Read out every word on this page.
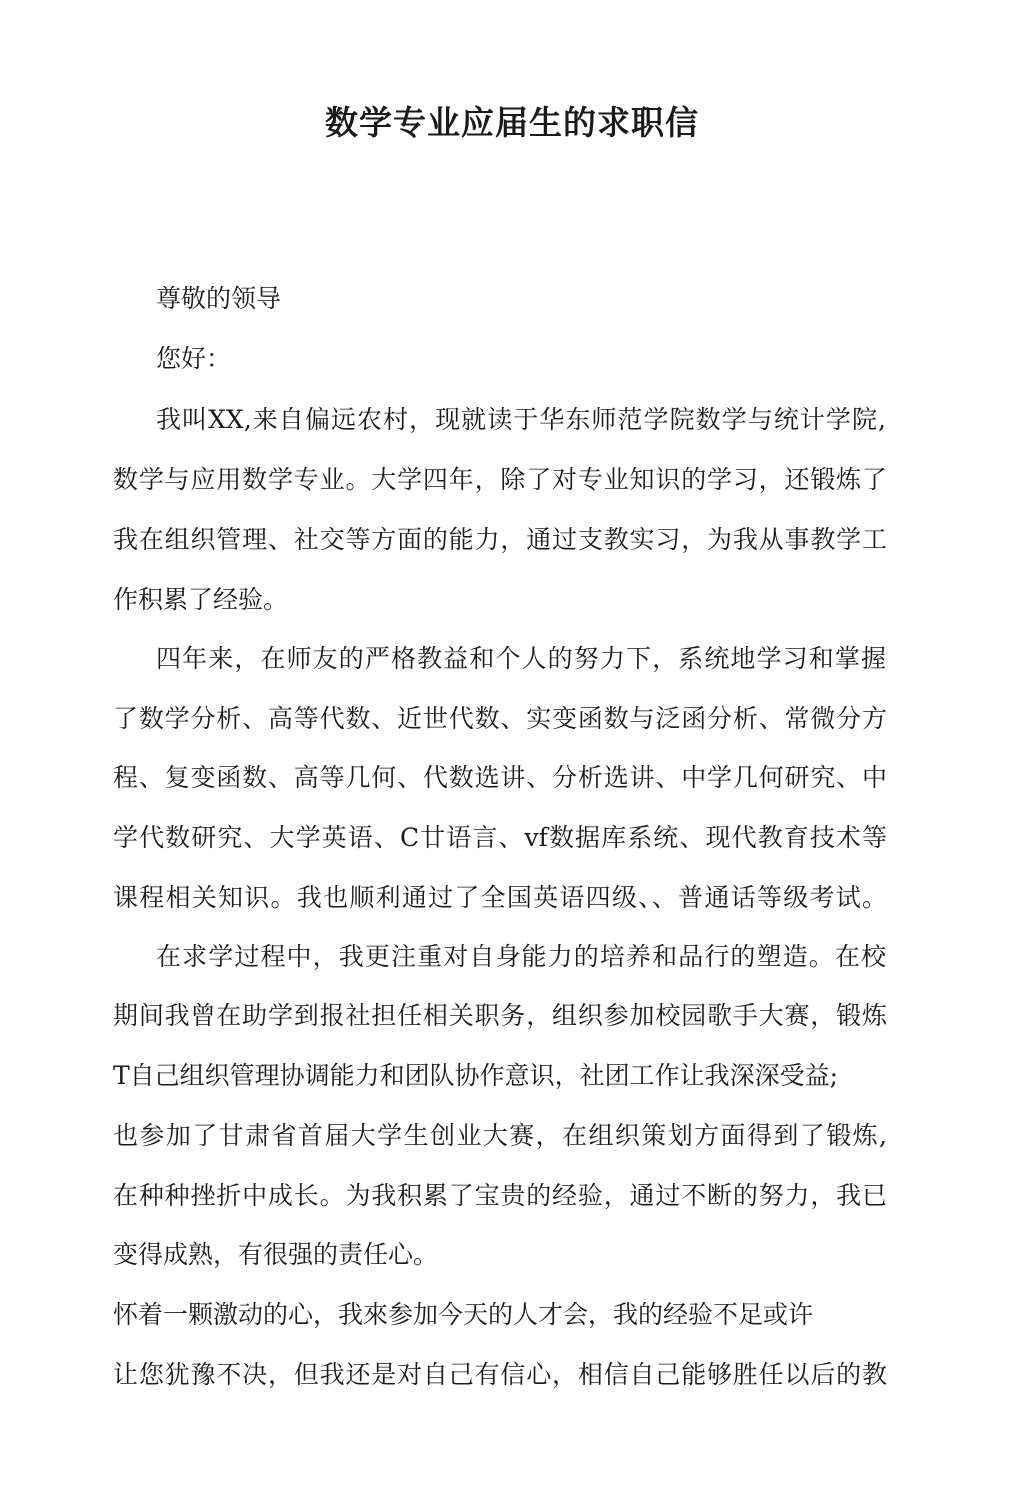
数学专业应届生的求职信
尊敬的领导
您好：
我叫XX,来自偏远农村，现就读于华东师范学院数学与统计学院,
数学与应用数学专业。大学四年，除了对专业知识的学习，还锻炼了
我在组织管理、社交等方面的能力，通过支教实习，为我从事教学工
作积累了经验。
四年来，在师友的严格教益和个人的努力下，系统地学习和掌握
了数学分析、高等代数、近世代数、实变函数与泛函分析、常微分方
程、复变函数、高等几何、代数选讲、分析选讲、中学几何研究、中
学代数研究、大学英语、C廿语言、vf数据库系统、现代教育技术等
课程相关知识。我也顺利通过了全国英语四级、、普通话等级考试。
在求学过程中，我更注重对自身能力的培养和品行的塑造。在校
期间我曾在助学到报社担任相关职务，组织参加校园歌手大赛，锻炼
T自己组织管理协调能力和团队协作意识，社团工作让我深深受益;
也参加了甘肃省首届大学生创业大赛，在组织策划方面得到了锻炼,
在种种挫折中成长。为我积累了宝贵的经验，通过不断的努力，我已
变得成熟，有很强的责任心。
怀着一颗激动的心，我來参加今天的人才会，我的经验不足或许
让您犹豫不决，但我还是对自己有信心，相信自己能够胜任以后的教
